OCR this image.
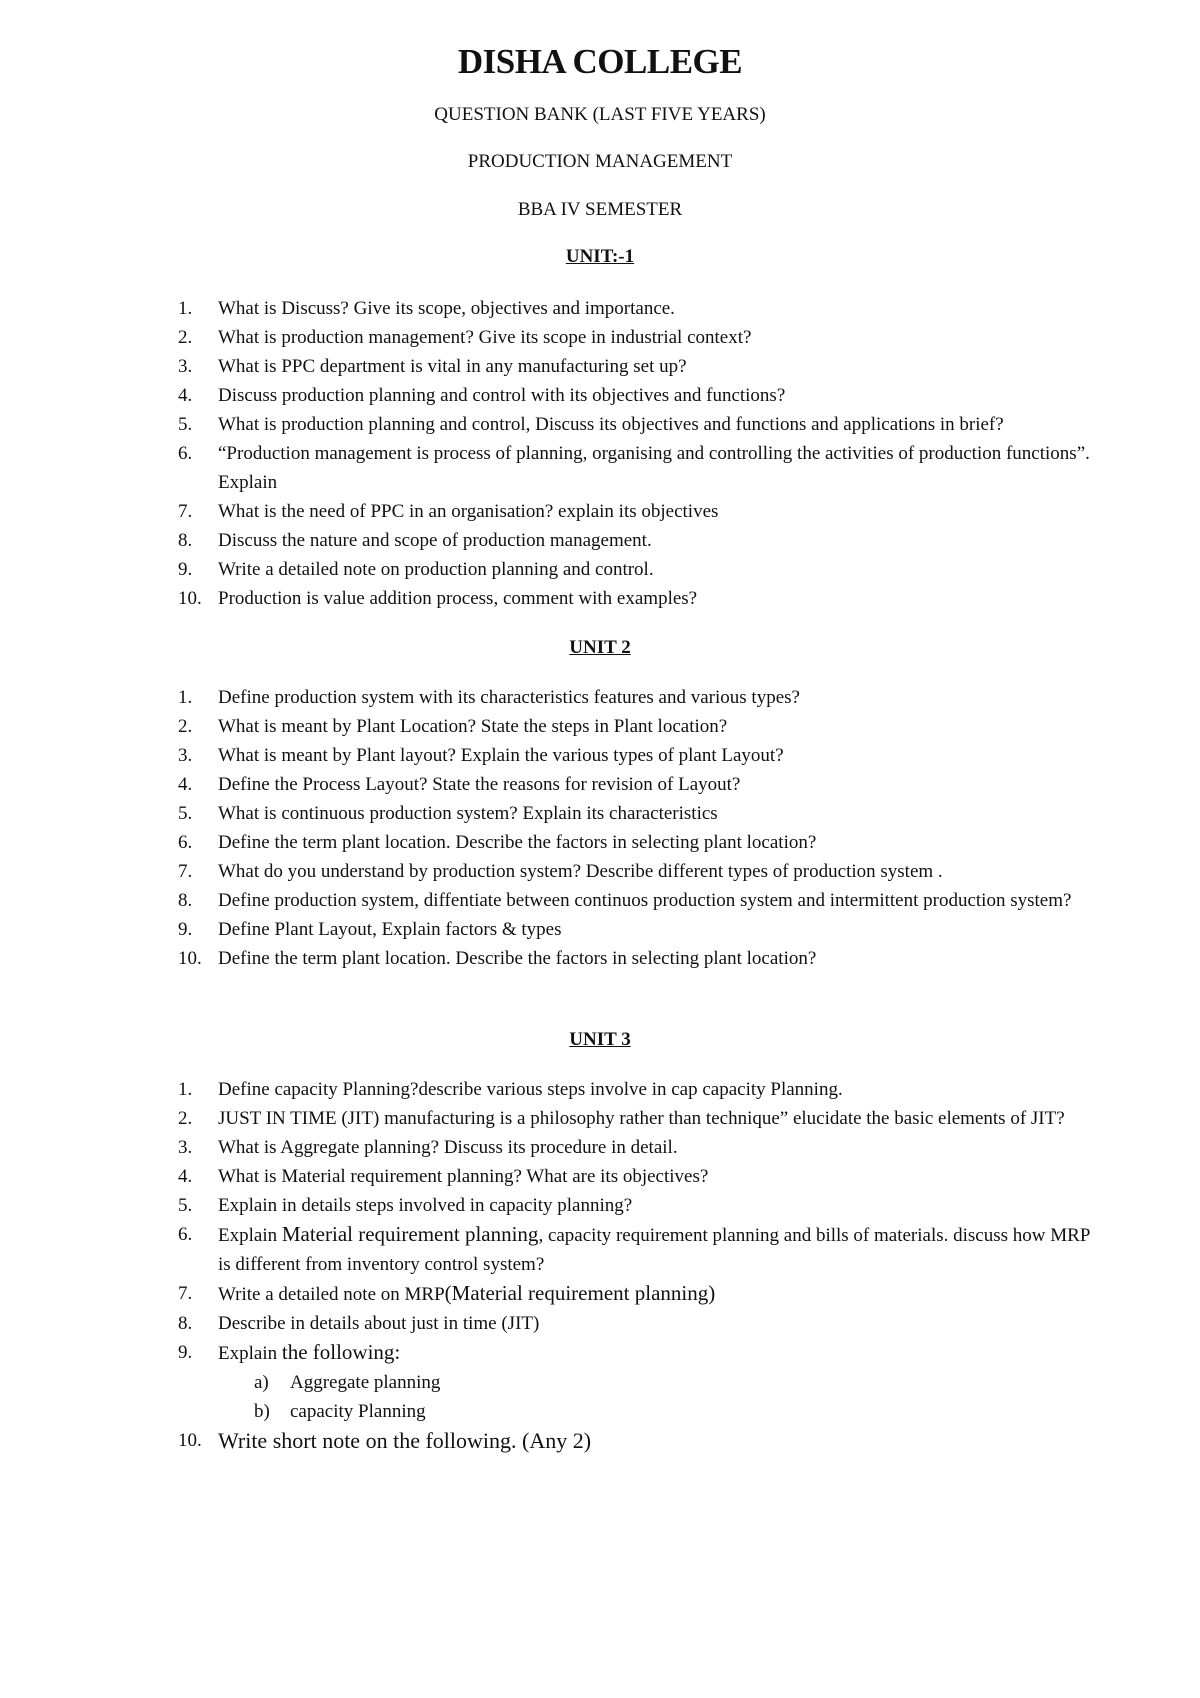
DISHA COLLEGE
QUESTION BANK (LAST FIVE YEARS)
PRODUCTION MANAGEMENT
BBA IV SEMESTER
UNIT:-1
1.	What is Discuss? Give its scope, objectives and importance.
2.	What is production management? Give its scope in industrial context?
3.	What is PPC department is vital in any manufacturing set up?
4.	Discuss production planning and control with its objectives and functions?
5.	What is production planning and control, Discuss its objectives and functions and applications in brief?
6.	“Production management is process of planning, organising and controlling the activities of production functions”. Explain
7.	What is the need of PPC in an organisation? explain its objectives
8.	Discuss the nature and scope of production management.
9.	Write a detailed note on production planning and control.
10. Production is value addition process, comment with examples?
UNIT 2
1.	Define production system with its characteristics features and various types?
2.	What is meant by Plant Location? State the steps in Plant location?
3.	What is meant by Plant layout? Explain the various types of plant Layout?
4.	Define the Process Layout? State the reasons for revision of Layout?
5.	What is continuous production system? Explain its characteristics
6.	Define the term plant location. Describe the factors in selecting plant location?
7.	What do you understand by production system? Describe different types of production system .
8.	Define production system, diffentiate between continuos production system and intermittent production system?
9.	Define Plant Layout, Explain factors & types
10. Define the term plant location. Describe the factors in selecting plant location?
UNIT 3
1.	Define capacity Planning?describe various steps involve in cap capacity Planning.
2.	JUST IN TIME (JIT) manufacturing is a philosophy rather than technique” elucidate the basic elements of JIT?
3.	What is Aggregate planning? Discuss its procedure in detail.
4.	What is Material requirement planning? What are its objectives?
5.	Explain in details steps involved in capacity planning?
6.	Explain Material requirement planning, capacity requirement planning and bills of materials. discuss how MRP is different from inventory control system?
7.	Write a detailed note on MRP(Material requirement planning)
8.	Describe in details about just in time (JIT)
9.	Explain the following:
a) Aggregate planning
b) capacity Planning
10. Write short note on the following. (Any 2)
